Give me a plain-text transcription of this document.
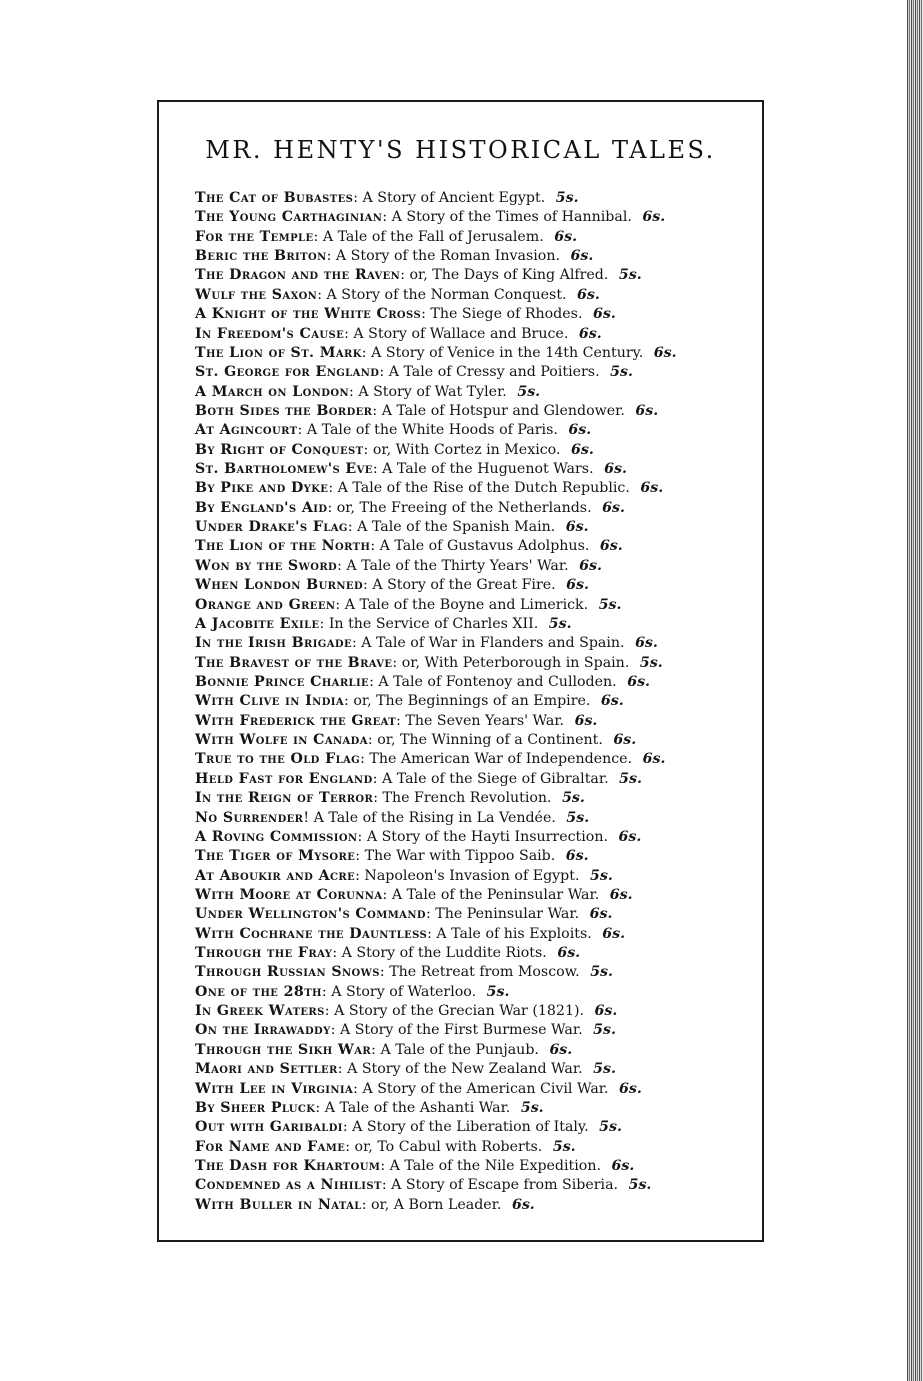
MR. HENTY'S HISTORICAL TALES.
The Cat of Bubastes: A Story of Ancient Egypt. 5s.
The Young Carthaginian: A Story of the Times of Hannibal. 6s.
For the Temple: A Tale of the Fall of Jerusalem. 6s.
Beric the Briton: A Story of the Roman Invasion. 6s.
The Dragon and the Raven: or, The Days of King Alfred. 5s.
Wulf the Saxon: A Story of the Norman Conquest. 6s.
A Knight of the White Cross: The Siege of Rhodes. 6s.
In Freedom's Cause: A Story of Wallace and Bruce. 6s.
The Lion of St. Mark: A Story of Venice in the 14th Century. 6s.
St. George for England: A Tale of Cressy and Poitiers. 5s.
A March on London: A Story of Wat Tyler. 5s.
Both Sides the Border: A Tale of Hotspur and Glendower. 6s.
At Agincourt: A Tale of the White Hoods of Paris. 6s.
By Right of Conquest: or, With Cortez in Mexico. 6s.
St. Bartholomew's Eve: A Tale of the Huguenot Wars. 6s.
By Pike and Dyke: A Tale of the Rise of the Dutch Republic. 6s.
By England's Aid: or, The Freeing of the Netherlands. 6s.
Under Drake's Flag: A Tale of the Spanish Main. 6s.
The Lion of the North: A Tale of Gustavus Adolphus. 6s.
Won by the Sword: A Tale of the Thirty Years' War. 6s.
When London Burned: A Story of the Great Fire. 6s.
Orange and Green: A Tale of the Boyne and Limerick. 5s.
A Jacobite Exile: In the Service of Charles XII. 5s.
In the Irish Brigade: A Tale of War in Flanders and Spain. 6s.
The Bravest of the Brave: or, With Peterborough in Spain. 5s.
Bonnie Prince Charlie: A Tale of Fontenoy and Culloden. 6s.
With Clive in India: or, The Beginnings of an Empire. 6s.
With Frederick the Great: The Seven Years' War. 6s.
With Wolfe in Canada: or, The Winning of a Continent. 6s.
True to the Old Flag: The American War of Independence. 6s.
Held Fast for England: A Tale of the Siege of Gibraltar. 5s.
In the Reign of Terror: The French Revolution. 5s.
No Surrender! A Tale of the Rising in La Vendée. 5s.
A Roving Commission: A Story of the Hayti Insurrection. 6s.
The Tiger of Mysore: The War with Tippoo Saib. 6s.
At Aboukir and Acre: Napoleon's Invasion of Egypt. 5s.
With Moore at Corunna: A Tale of the Peninsular War. 6s.
Under Wellington's Command: The Peninsular War. 6s.
With Cochrane the Dauntless: A Tale of his Exploits. 6s.
Through the Fray: A Story of the Luddite Riots. 6s.
Through Russian Snows: The Retreat from Moscow. 5s.
One of the 28th: A Story of Waterloo. 5s.
In Greek Waters: A Story of the Grecian War (1821). 6s.
On the Irrawaddy: A Story of the First Burmese War. 5s.
Through the Sikh War: A Tale of the Punjaub. 6s.
Maori and Settler: A Story of the New Zealand War. 5s.
With Lee in Virginia: A Story of the American Civil War. 6s.
By Sheer Pluck: A Tale of the Ashanti War. 5s.
Out with Garibaldi: A Story of the Liberation of Italy. 5s.
For Name and Fame: or, To Cabul with Roberts. 5s.
The Dash for Khartoum: A Tale of the Nile Expedition. 6s.
Condemned as a Nihilist: A Story of Escape from Siberia. 5s.
With Buller in Natal: or, A Born Leader. 6s.
